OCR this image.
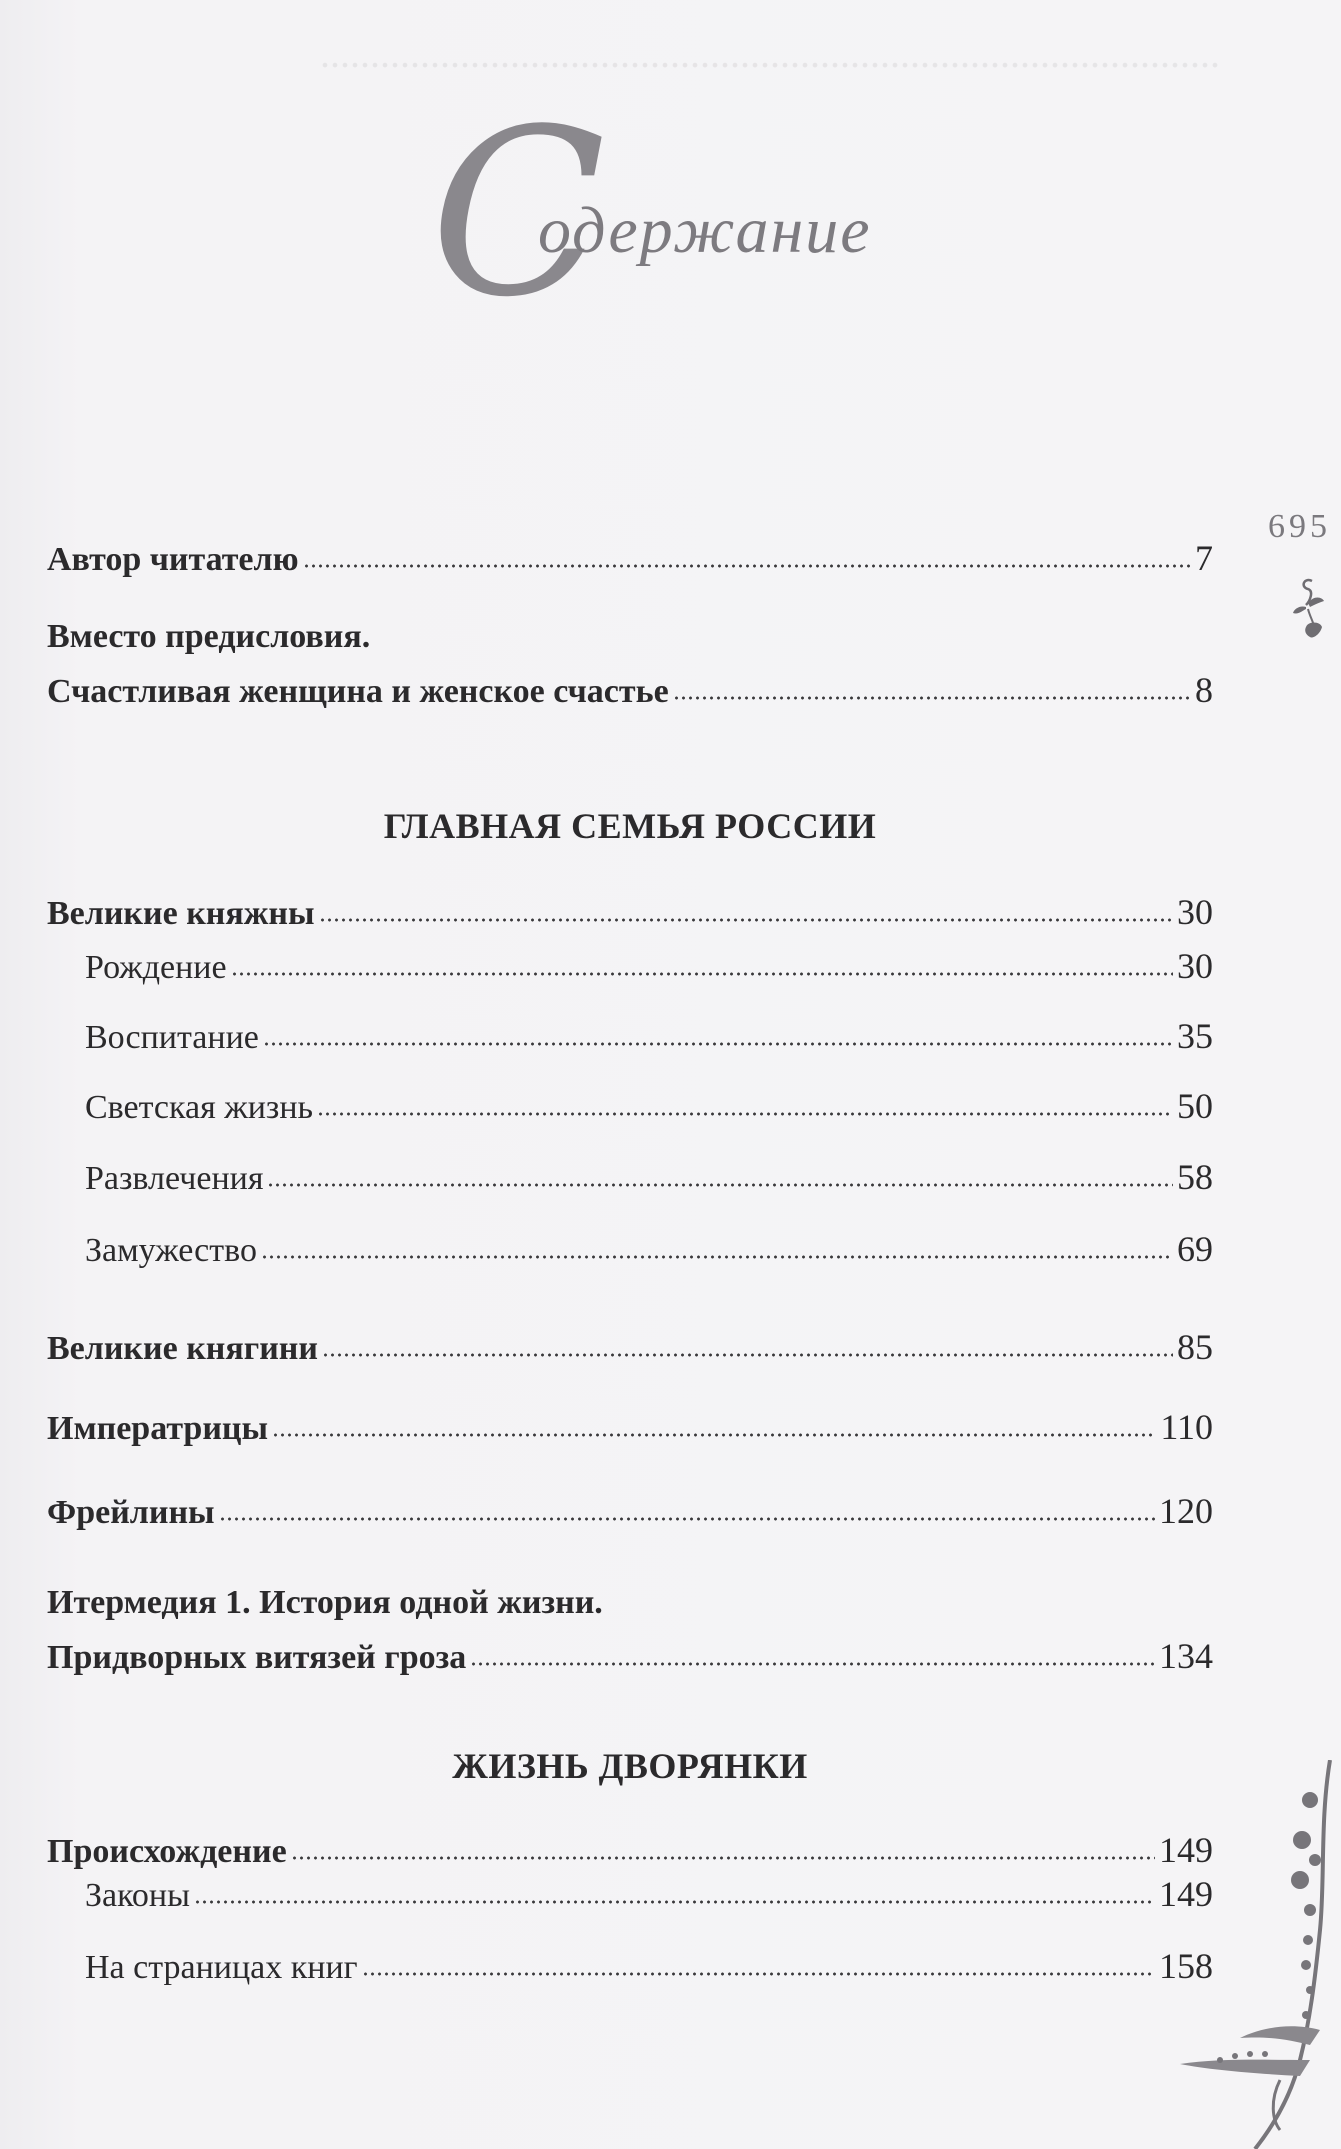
..........................................................................................
С
одержание
695
Автор читателю	7
Вместо предисловия.
Счастливая женщина и женское счастье	8
ГЛАВНАЯ СЕМЬЯ РОССИИ
Великие княжны	30
Рождение	30
Воспитание	35
Светская жизнь	50
Развлечения	58
Замужество	69
Великие княгини	85
Императрицы	110
Фрейлины	120
Итермедия 1. История одной жизни.
Придворных витязей гроза	134
ЖИЗНЬ ДВОРЯНКИ
Происхождение	149
Законы	149
На страницах книг	158
